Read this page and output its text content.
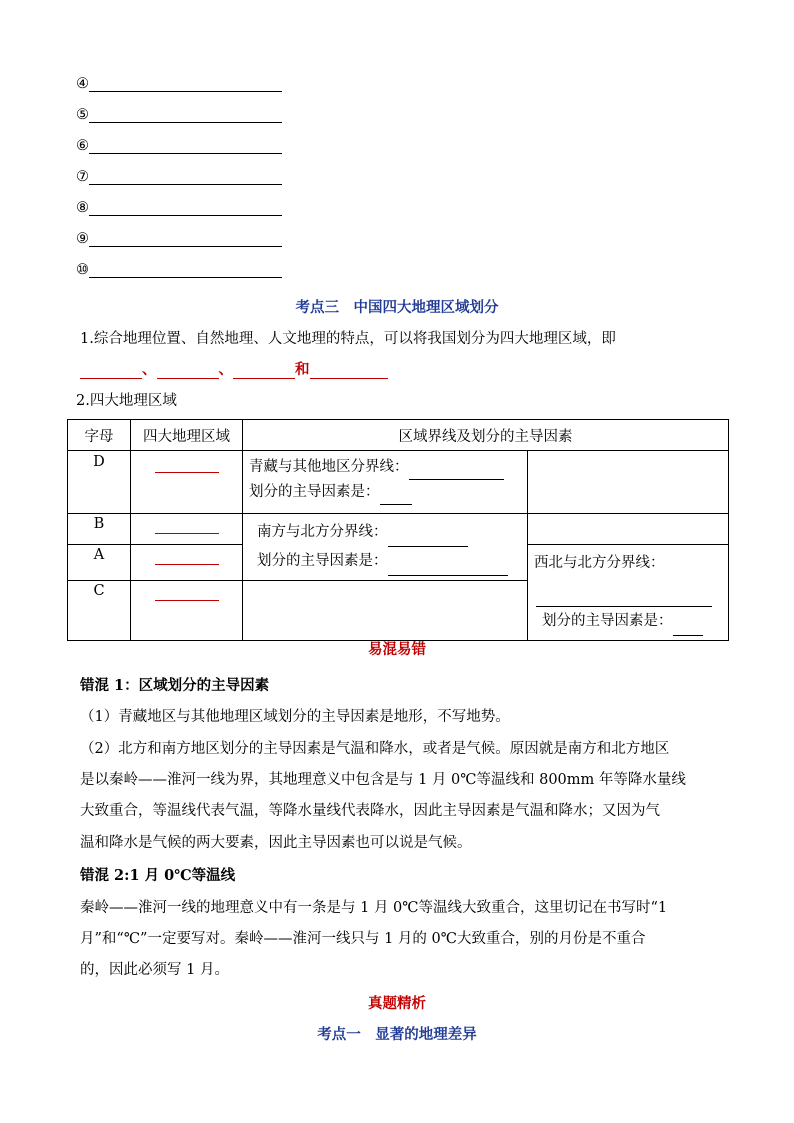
④
⑤
⑥
⑦
⑧
⑨
⑩
考点三　中国四大地理区域划分
1.综合地理位置、自然地理、人文地理的特点，可以将我国划分为四大地理区域，即
、	、	和
2.四大地理区域
字母	四大地理区域	区域界线及划分的主导因素	

D		青藏与其他地区分界线：
划分的主导因素是：	

B		南方与北方分界线：
划分的主导因素是：	

A			西北与北方分界线：
划分的主导因素是：

C			

易混易错
错混 1：区域划分的主导因素
（1）青藏地区与其他地理区域划分的主导因素是地形，不写地势。
（2）北方和南方地区划分的主导因素是气温和降水，或者是气候。原因就是南方和北方地区
是以秦岭——淮河一线为界，其地理意义中包含是与 1 月 0℃等温线和 800mm 年等降水量线
大致重合，等温线代表气温，等降水量线代表降水，因此主导因素是气温和降水；又因为气
温和降水是气候的两大要素，因此主导因素也可以说是气候。
错混 2:1 月 0℃等温线
秦岭——淮河一线的地理意义中有一条是与 1 月 0℃等温线大致重合，这里切记在书写时“1
月”和“℃”一定要写对。秦岭——淮河一线只与 1 月的 0℃大致重合，别的月份是不重合
的，因此必须写 1 月。
真题精析
考点一　显著的地理差异
